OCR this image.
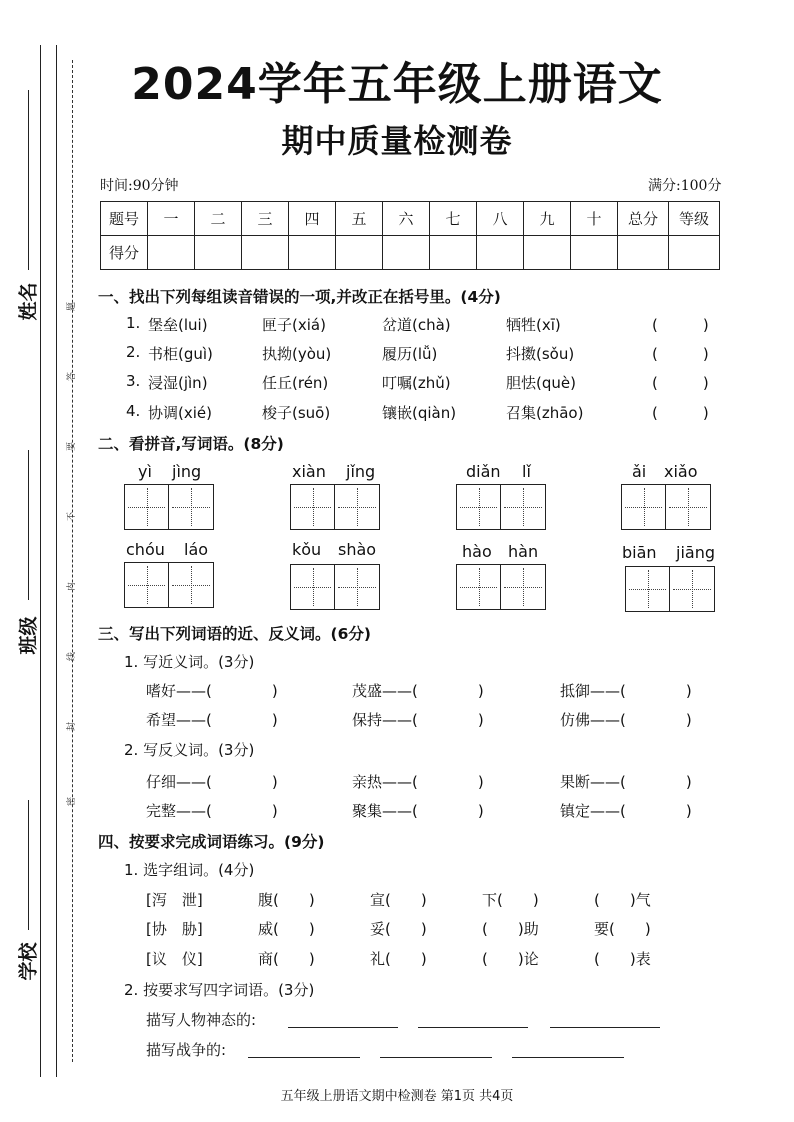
姓名
班级
学校
题
答
要
不
内
线
封
密
2024学年五年级上册语文
期中质量检测卷
时间:90分钟	满分:100分
题号	一	二	三	四	五	六	七	八	九	十	总分	等级
得分												
一、找出下列每组读音错误的一项,并改正在括号里。(4分)
1. 堡垒(lui)	匣子(xiá)	岔道(chà)	牺牲(xī)	(　　　)
2. 书柜(guì)	执拗(yòu)	履历(lǚ)	抖擞(sǒu)	(　　　)
3. 浸湿(jìn)	任丘(rén)	叮嘱(zhǔ)	胆怯(què)	(　　　)
4. 协调(xié)	梭子(suō)	镶嵌(qiàn)	召集(zhāo)	(　　　)
二、看拼音,写词语。(8分)
yì jìng	xiàn jǐng	diǎn lǐ	ǎi xiǎo
chóu láo	kǒu shào	hào hàn	biān jiāng
三、写出下列词语的近、反义词。(6分)
1. 写近义词。(3分)
嗜好——(　　　　)	茂盛——(　　　　)	抵御——(　　　　)
希望——(　　　　)	保持——(　　　　)	仿佛——(　　　　)
2. 写反义词。(3分)
仔细——(　　　　)	亲热——(　　　　)	果断——(　　　　)
完整——(　　　　)	聚集——(　　　　)	镇定——(　　　　)
四、按要求完成词语练习。(9分)
1. 选字组词。(4分)
[泻　泄]	腹(　　)	宣(　　)	下(　　)	(　　)气
[协　胁]	威(　　)	妥(　　)	(　　)助	要(　　)
[议　仪]	商(　　)	礼(　　)	(　　)论	(　　)表
2. 按要求写四字词语。(3分)
描写人物神态的:
描写战争的:
五年级上册语文期中检测卷 第1页 共4页
